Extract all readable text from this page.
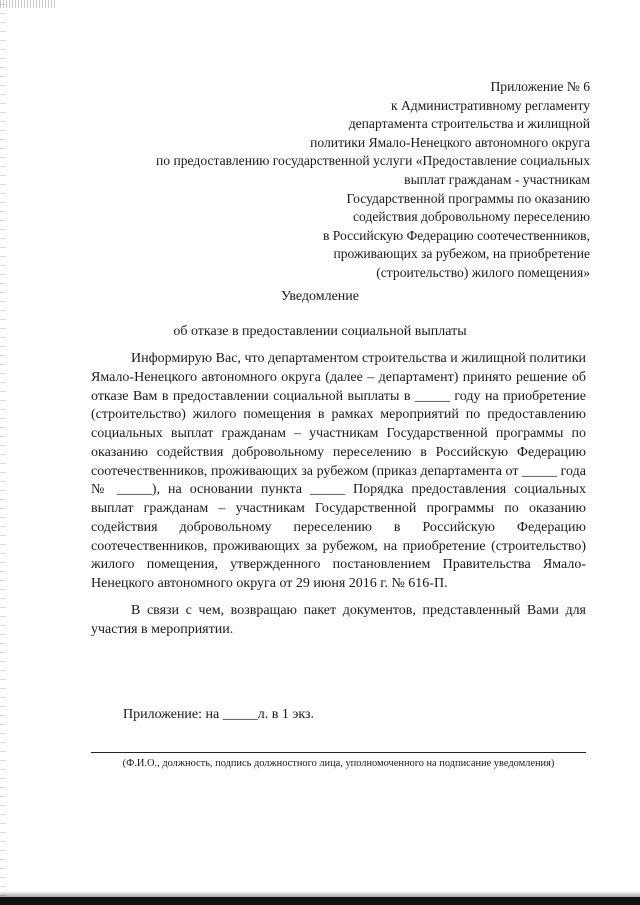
Приложение № 6
к Административному регламенту
департамента строительства и жилищной
политики Ямало-Ненецкого автономного округа
по предоставлению государственной услуги «Предоставление социальных
выплат гражданам - участникам
Государственной программы по оказанию
содействия добровольному переселению
в Российскую Федерацию соотечественников,
проживающих за рубежом, на приобретение
(строительство) жилого помещения»
Уведомление
об отказе в предоставлении социальной выплаты

Информирую Вас, что департаментом строительства и жилищной политики Ямало-Ненецкого автономного округа (далее – департамент) принято решение об отказе Вам в предоставлении социальной выплаты в _____ году на приобретение (строительство) жилого помещения в рамках мероприятий по предоставлению социальных выплат гражданам – участникам Государственной программы по оказанию содействия добровольному переселению в Российскую Федерацию соотечественников, проживающих за рубежом (приказ департамента от _____ года № _____), на основании пункта _____ Порядка предоставления социальных выплат гражданам – участникам Государственной программы по оказанию содействия добровольному переселению в Российскую Федерацию соотечественников, проживающих за рубежом, на приобретение (строительство) жилого помещения, утвержденного постановлением Правительства Ямало-Ненецкого автономного округа от 29 июня 2016 г. № 616-П.

В связи с чем, возвращаю пакет документов, представленный Вами для участия в мероприятии.

Приложение: на _____л. в 1 экз.
(Ф.И.О., должность, подпись должностного лица, уполномоченного на подписание уведомления)
